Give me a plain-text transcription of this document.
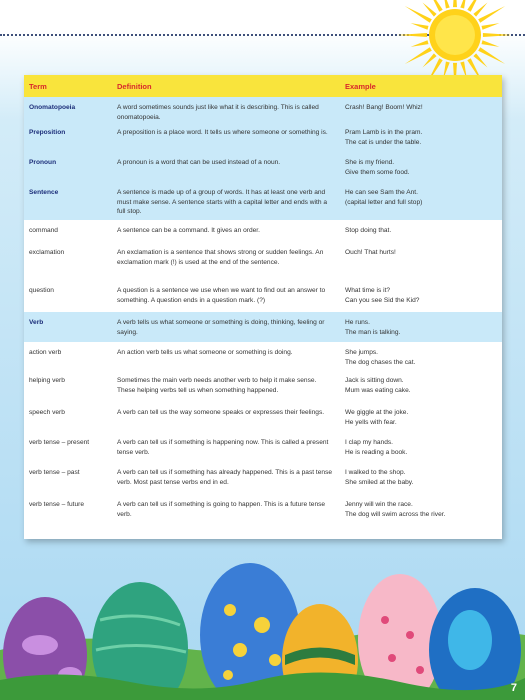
Term	Definition	Example
Onomatopoeia	A word sometimes sounds just like what it is describing. This is called onomatopoeia.	Crash! Bang! Boom! Whiz!

Preposition	A preposition is a place word. It tells us where someone or something is.	Pram Lamb is in the pram.
The cat is under the table.

Pronoun	A pronoun is a word that can be used instead of a noun.	She is my friend.
Give them some food.

Sentence	A sentence is made up of a group of words. It has at least one verb and must make sense. A sentence starts with a capital letter and ends with a full stop.	He can see Sam the Ant.
(capital letter and full stop)

command	A sentence can be a command. It gives an order.	Stop doing that.

exclamation	An exclamation is a sentence that shows strong or sudden feelings. An exclamation mark (!) is used at the end of the sentence.	Ouch! That hurts!

question	A question is a sentence we use when we want to find out an answer to something. A question ends in a question mark. (?)	What time is it?
Can you see Sid the Kid?

Verb	A verb tells us what someone or something is doing, thinking, feeling or saying.	He runs.
The man is talking.

action verb	An action verb tells us what someone or something is doing.	She jumps.
The dog chases the cat.

helping verb	Sometimes the main verb needs another verb to help it make sense. These helping verbs tell us when something happened.	Jack is sitting down.
Mum was eating cake.

speech verb	A verb can tell us the way someone speaks or expresses their feelings.	We giggle at the joke.
He yells with fear.

verb tense – present	A verb can tell us if something is happening now. This is called a present tense verb.	I clap my hands.
He is reading a book.

verb tense – past	A verb can tell us if something has already happened. This is a past tense verb. Most past tense verbs end in ed.	I walked to the shop.
She smiled at the baby.

verb tense – future	A verb can tell us if something is going to happen. This is a future tense verb.	Jenny will win the race.
The dog will swim across the river.
7
